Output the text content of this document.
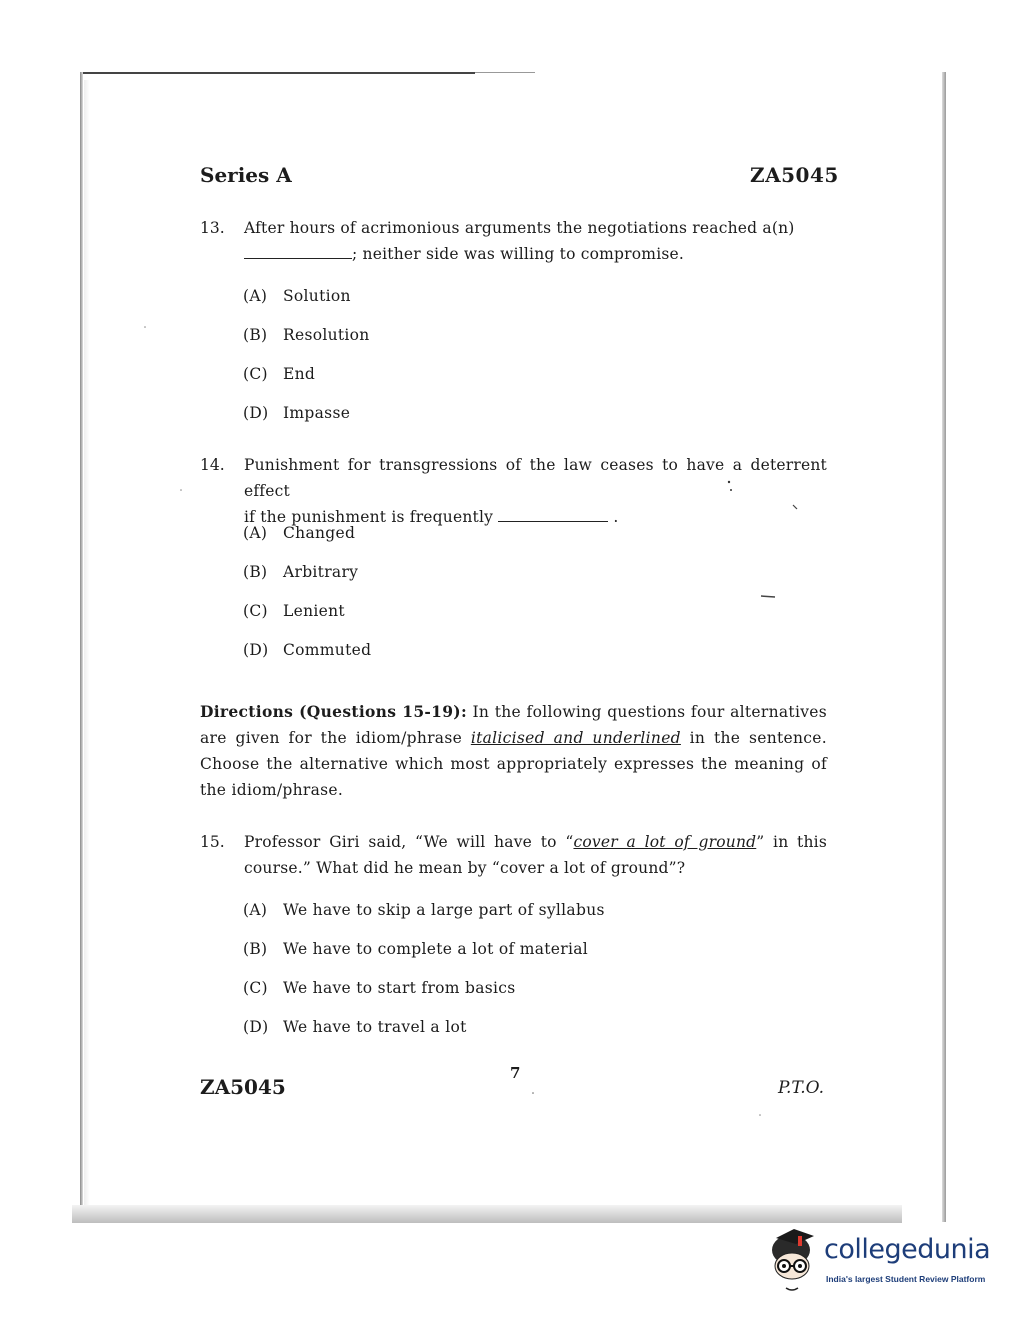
Series A	ZA5045
13.	After hours of acrimonious arguments the negotiations reached a(n)
; neither side was willing to compromise.
(A) Solution
(B) Resolution
(C) End
(D) Impasse
14.	Punishment for transgressions of the law ceases to have a deterrent effect
if the punishment is frequently	.
(A) Changed
(B) Arbitrary
(C) Lenient
(D) Commuted
Directions (Questions 15-19): In the following questions four alternatives are given for the idiom/phrase italicised and underlined in the sentence. Choose the alternative which most appropriately expresses the meaning of the idiom/phrase.
15.	Professor Giri said, “We will have to “cover a lot of ground” in this course.” What did he mean by “cover a lot of ground”?
(A) We have to skip a large part of syllabus
(B) We have to complete a lot of material
(C) We have to start from basics
(D) We have to travel a lot
7
ZA5045	P.T.O.
collegedunia
India's largest Student Review Platform
